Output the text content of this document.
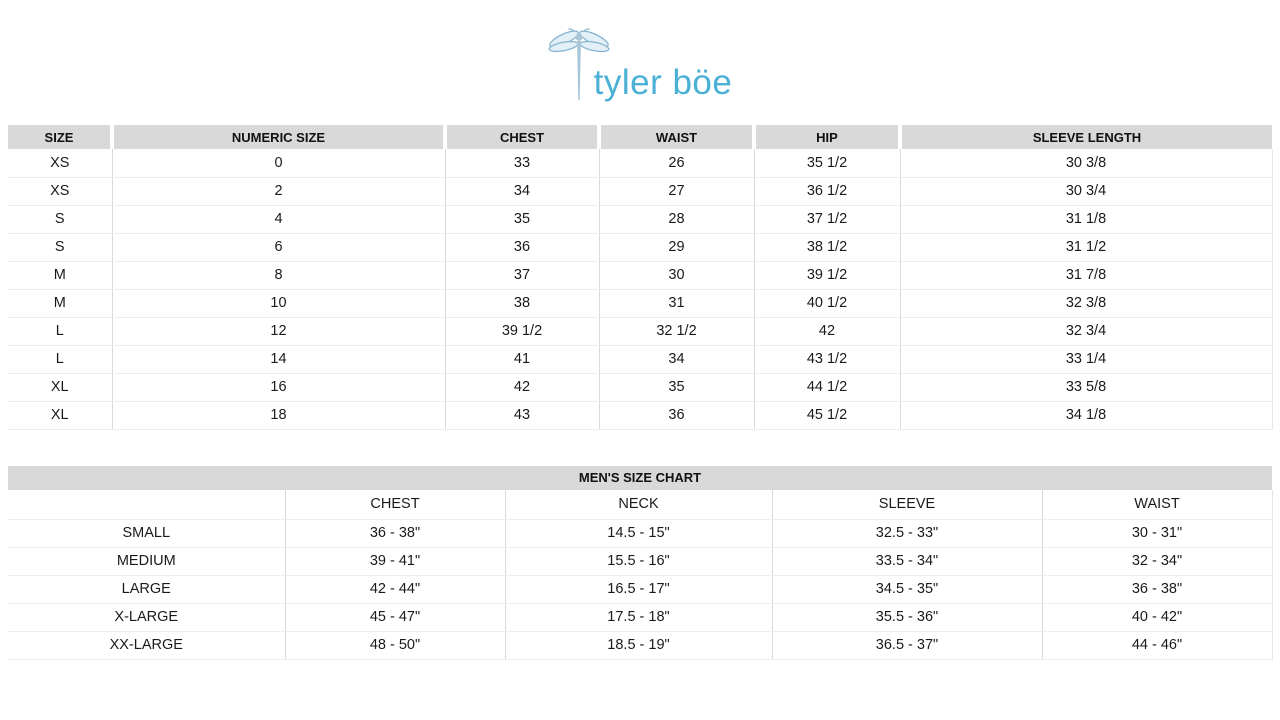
tyler böe
SIZE	NUMERIC SIZE	CHEST	WAIST	HIP	SLEEVE LENGTH
XS	0	33	26	35 1/2	30 3/8
XS	2	34	27	36 1/2	30 3/4
S	4	35	28	37 1/2	31 1/8
S	6	36	29	38 1/2	31 1/2
M	8	37	30	39 1/2	31 7/8
M	10	38	31	40 1/2	32 3/8
L	12	39 1/2	32 1/2	42	32 3/4
L	14	41	34	43 1/2	33 1/4
XL	16	42	35	44 1/2	33 5/8
XL	18	43	36	45 1/2	34 1/8
MEN'S SIZE CHART
	CHEST	NECK	SLEEVE	WAIST
SMALL	36 - 38"	14.5 - 15"	32.5 - 33"	30 - 31"
MEDIUM	39 - 41"	15.5 - 16"	33.5 - 34"	32 - 34"
LARGE	42 - 44"	16.5 - 17"	34.5 - 35"	36 - 38"
X-LARGE	45 - 47"	17.5 - 18"	35.5 - 36"	40 - 42"
XX-LARGE	48 - 50"	18.5 - 19"	36.5 - 37"	44 - 46"
